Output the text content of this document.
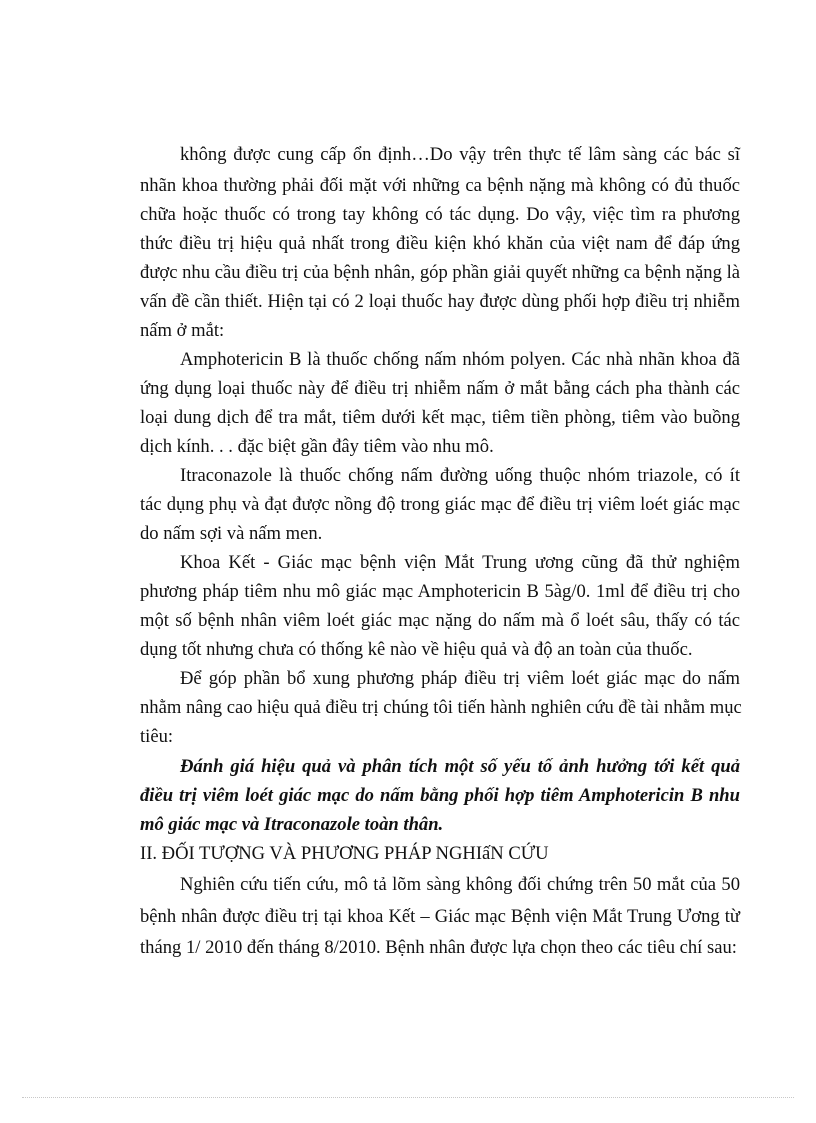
không được cung cấp ổn định…Do vậy trên thực tế lâm sàng các bác sĩ
nhãn khoa thường phải đối mặt với những ca bệnh nặng mà không có đủ thuốc
chữa hoặc thuốc có trong tay không có tác dụng. Do vậy, việc tìm ra phương
thức điều trị hiệu quả nhất trong điều kiện khó khăn của việt nam để đáp ứng
được nhu cầu điều trị của bệnh nhân, góp phần giải quyết những ca bệnh nặng là
vấn đề cần thiết. Hiện tại có 2 loại thuốc hay được dùng phối hợp điều trị nhiễm
nấm ở mắt:
Amphotericin B là thuốc chống nấm nhóm polyen. Các nhà nhãn khoa đã
ứng dụng loại thuốc này để điều trị nhiễm nấm ở mắt bằng cách pha thành các
loại dung dịch để tra mắt, tiêm dưới kết mạc, tiêm tiền phòng, tiêm vào buồng
dịch kính. . . đặc biệt gần đây tiêm vào nhu mô.
Itraconazole là thuốc chống nấm đường uống thuộc nhóm triazole, có ít
tác dụng phụ và đạt được nồng độ trong giác mạc để điều trị viêm loét giác mạc
do nấm sợi và nấm men.
Khoa Kết - Giác mạc bệnh viện Mắt Trung ương cũng đã thử nghiệm
phương pháp tiêm nhu mô giác mạc Amphotericin B 5àg/0. 1ml để điều trị cho
một số bệnh nhân viêm loét giác mạc nặng do nấm mà ổ loét sâu, thấy có tác
dụng tốt nhưng chưa có thống kê nào về hiệu quả và độ an toàn của thuốc.
Để góp phần bổ xung phương pháp điều trị viêm loét giác mạc do nấm
nhằm nâng cao hiệu quả điều trị chúng tôi tiến hành nghiên cứu đề tài nhằm mục
tiêu:
Đánh giá hiệu quả và phân tích một số yếu tố ảnh hưởng tới kết quả
điều trị viêm loét giác mạc do nấm bằng phối hợp tiêm Amphotericin B nhu
mô giác mạc và Itraconazole toàn thân.
II. ĐỐI TƯỢNG VÀ PHƯƠNG PHÁP NGHIấN CỨU
Nghiên cứu tiến cứu, mô tả lõm sàng không đối chứng trên 50 mắt của 50
bệnh nhân được điều trị tại khoa Kết – Giác mạc Bệnh viện Mắt Trung Ương từ
tháng 1/ 2010 đến tháng 8/2010. Bệnh nhân được lựa chọn theo các tiêu chí sau:
